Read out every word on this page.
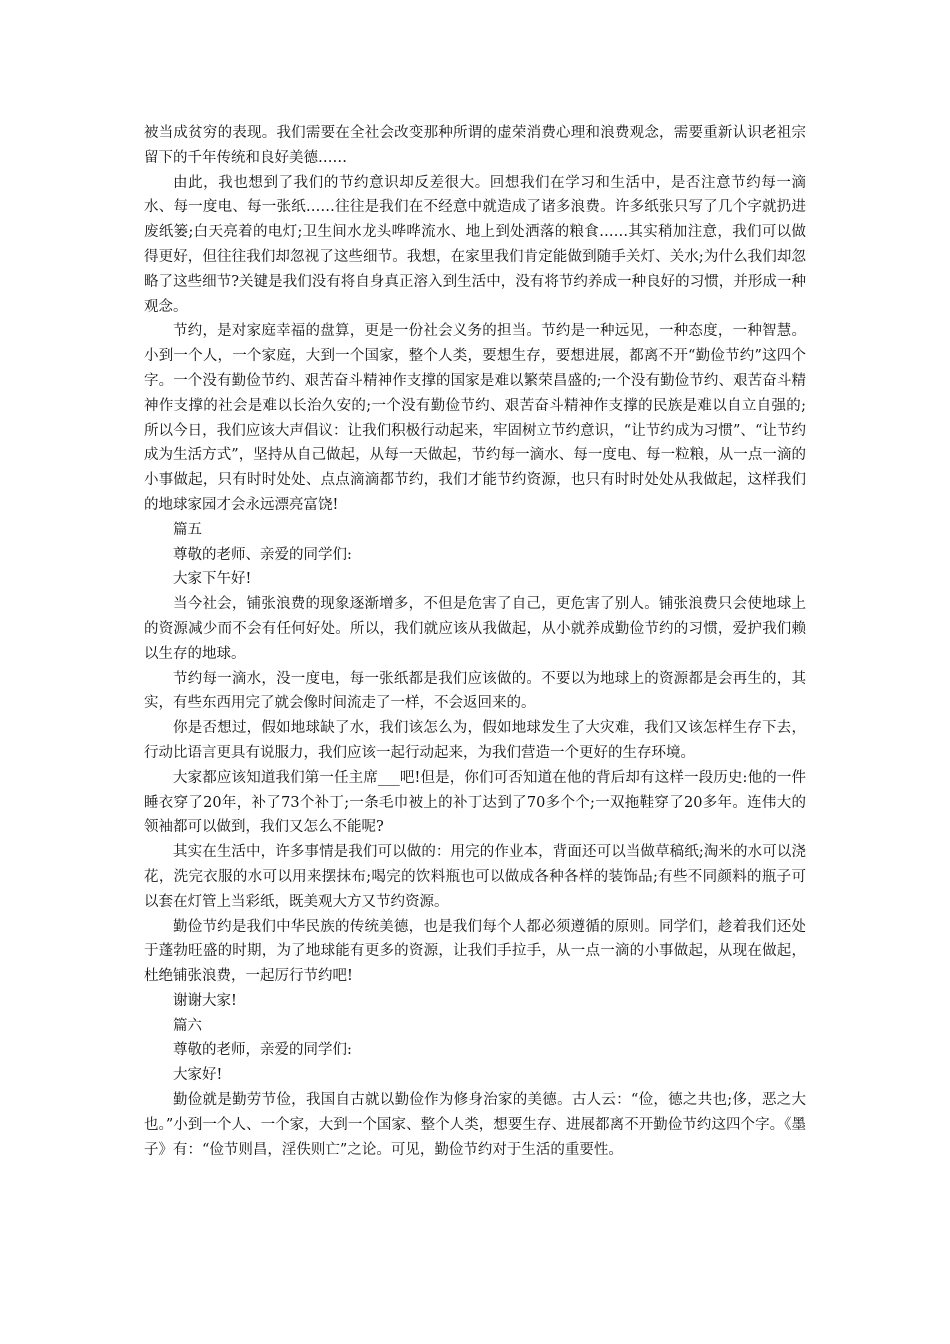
被当成贫穷的表现。我们需要在全社会改变那种所谓的虚荣消费心理和浪费观念，需要重新认识老祖宗留下的千年传统和良好美德……

由此，我也想到了我们的节约意识却反差很大。回想我们在学习和生活中，是否注意节约每一滴水、每一度电、每一张纸……往往是我们在不经意中就造成了诸多浪费。许多纸张只写了几个字就扔进废纸篓;白天亮着的电灯;卫生间水龙头哗哗流水、地上到处洒落的粮食……其实稍加注意，我们可以做得更好，但往往我们却忽视了这些细节。我想，在家里我们肯定能做到随手关灯、关水;为什么我们却忽略了这些细节?关键是我们没有将自身真正溶入到生活中，没有将节约养成一种良好的习惯，并形成一种观念。

节约，是对家庭幸福的盘算，更是一份社会义务的担当。节约是一种远见，一种态度，一种智慧。小到一个人，一个家庭，大到一个国家，整个人类，要想生存，要想进展，都离不开“勤俭节约”这四个字。一个没有勤俭节约、艰苦奋斗精神作支撑的国家是难以繁荣昌盛的;一个没有勤俭节约、艰苦奋斗精神作支撑的社会是难以长治久安的;一个没有勤俭节约、艰苦奋斗精神作支撑的民族是难以自立自强的;所以今日，我们应该大声倡议：让我们积极行动起来，牢固树立节约意识，“让节约成为习惯”、“让节约成为生活方式”，坚持从自己做起，从每一天做起，节约每一滴水、每一度电、每一粒粮，从一点一滴的小事做起，只有时时处处、点点滴滴都节约，我们才能节约资源，也只有时时处处从我做起，这样我们的地球家园才会永远漂亮富饶!

篇五

尊敬的老师、亲爱的同学们:

大家下午好!

当今社会，铺张浪费的现象逐渐增多，不但是危害了自己，更危害了别人。铺张浪费只会使地球上的资源减少而不会有任何好处。所以，我们就应该从我做起，从小就养成勤俭节约的习惯，爱护我们赖以生存的地球。

节约每一滴水，没一度电，每一张纸都是我们应该做的。不要以为地球上的资源都是会再生的，其实，有些东西用完了就会像时间流走了一样，不会返回来的。

你是否想过，假如地球缺了水，我们该怎么为，假如地球发生了大灾难，我们又该怎样生存下去，行动比语言更具有说服力，我们应该一起行动起来，为我们营造一个更好的生存环境。

大家都应该知道我们第一任主席___吧!但是，你们可否知道在他的背后却有这样一段历史:他的一件睡衣穿了20年，补了73个补丁;一条毛巾被上的补丁达到了70多个个;一双拖鞋穿了20多年。连伟大的领袖都可以做到，我们又怎么不能呢?

其实在生活中，许多事情是我们可以做的：用完的作业本，背面还可以当做草稿纸;淘米的水可以浇花，洗完衣服的水可以用来摆抹布;喝完的饮料瓶也可以做成各种各样的装饰品;有些不同颜料的瓶子可以套在灯管上当彩纸，既美观大方又节约资源。

勤俭节约是我们中华民族的传统美德，也是我们每个人都必须遵循的原则。同学们，趁着我们还处于蓬勃旺盛的时期，为了地球能有更多的资源，让我们手拉手，从一点一滴的小事做起，从现在做起，杜绝铺张浪费，一起厉行节约吧!

谢谢大家!

篇六

尊敬的老师，亲爱的同学们:

大家好!

勤俭就是勤劳节俭，我国自古就以勤俭作为修身治家的美德。古人云：“俭，德之共也;侈，恶之大也。”小到一个人、一个家，大到一个国家、整个人类，想要生存、进展都离不开勤俭节约这四个字。《墨子》有：“俭节则昌，淫佚则亡”之论。可见，勤俭节约对于生活的重要性。
